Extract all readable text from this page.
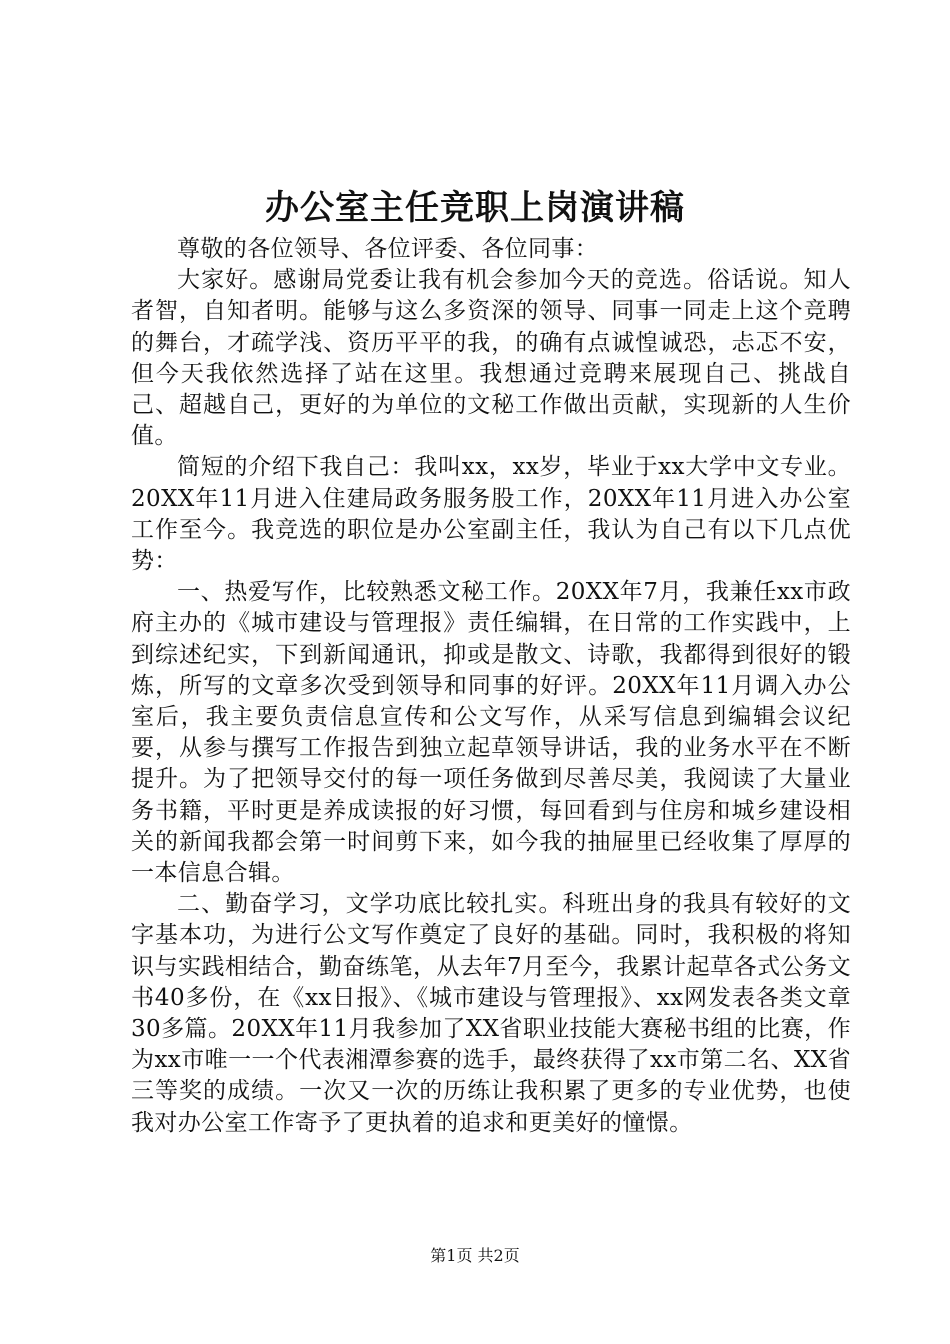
办公室主任竞职上岗演讲稿

尊敬的各位领导、各位评委、各位同事：

大家好。感谢局党委让我有机会参加今天的竞选。俗话说。知人者智，自知者明。能够与这么多资深的领导、同事一同走上这个竞聘的舞台，才疏学浅、资历平平的我，的确有点诚惶诚恐，忐忑不安，但今天我依然选择了站在这里。我想通过竞聘来展现自己、挑战自己、超越自己，更好的为单位的文秘工作做出贡献，实现新的人生价值。

简短的介绍下我自己：我叫xx，xx岁，毕业于xx大学中文专业。20XX年11月进入住建局政务服务股工作，20XX年11月进入办公室工作至今。我竞选的职位是办公室副主任，我认为自己有以下几点优势：

一、热爱写作，比较熟悉文秘工作。20XX年7月，我兼任xx市政府主办的《城市建设与管理报》责任编辑，在日常的工作实践中，上到综述纪实，下到新闻通讯，抑或是散文、诗歌，我都得到很好的锻炼，所写的文章多次受到领导和同事的好评。20XX年11月调入办公室后，我主要负责信息宣传和公文写作，从采写信息到编辑会议纪要，从参与撰写工作报告到独立起草领导讲话，我的业务水平在不断提升。为了把领导交付的每一项任务做到尽善尽美，我阅读了大量业务书籍，平时更是养成读报的好习惯，每回看到与住房和城乡建设相关的新闻我都会第一时间剪下来，如今我的抽屉里已经收集了厚厚的一本信息合辑。

二、勤奋学习，文学功底比较扎实。科班出身的我具有较好的文字基本功，为进行公文写作奠定了良好的基础。同时，我积极的将知识与实践相结合，勤奋练笔，从去年7月至今，我累计起草各式公务文书40多份，在《xx日报》、《城市建设与管理报》、xx网发表各类文章30多篇。20XX年11月我参加了XX省职业技能大赛秘书组的比赛，作为xx市唯一一个代表湘潭参赛的选手，最终获得了xx市第二名、XX省三等奖的成绩。一次又一次的历练让我积累了更多的专业优势，也使我对办公室工作寄予了更执着的追求和更美好的憧憬。

第1页 共2页
